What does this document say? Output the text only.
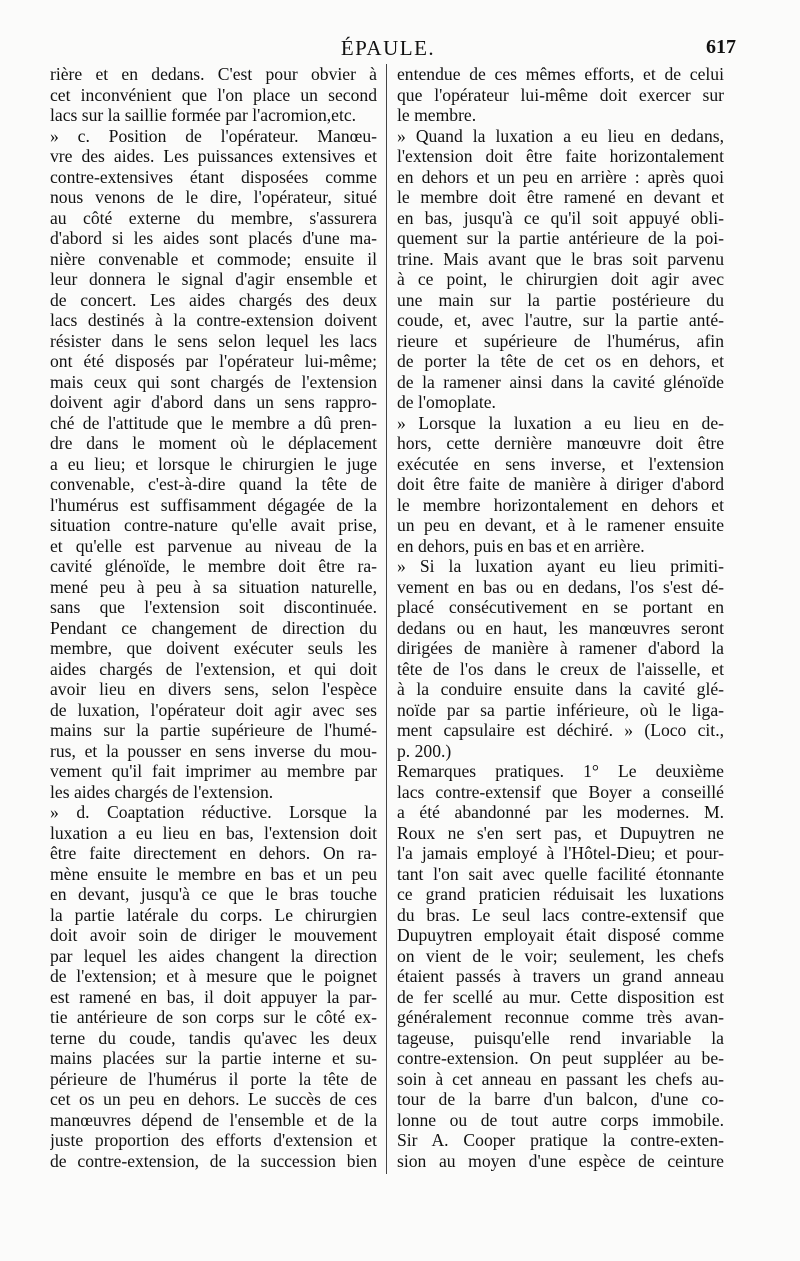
ÉPAULE.	617
rière et en dedans. C'est pour obvier à
cet inconvénient que l'on place un second
lacs sur la saillie formée par l'acromion,etc.
» c. Position de l'opérateur. Manœu-
vre des aides. Les puissances extensives et
contre-extensives étant disposées comme
nous venons de le dire, l'opérateur, situé
au côté externe du membre, s'assurera
d'abord si les aides sont placés d'une ma-
nière convenable et commode; ensuite il
leur donnera le signal d'agir ensemble et
de concert. Les aides chargés des deux
lacs destinés à la contre-extension doivent
résister dans le sens selon lequel les lacs
ont été disposés par l'opérateur lui-même;
mais ceux qui sont chargés de l'extension
doivent agir d'abord dans un sens rappro-
ché de l'attitude que le membre a dû pren-
dre dans le moment où le déplacement
a eu lieu; et lorsque le chirurgien le juge
convenable, c'est-à-dire quand la tête de
l'humérus est suffisamment dégagée de la
situation contre-nature qu'elle avait prise,
et qu'elle est parvenue au niveau de la
cavité glénoïde, le membre doit être ra-
mené peu à peu à sa situation naturelle,
sans que l'extension soit discontinuée.
Pendant ce changement de direction du
membre, que doivent exécuter seuls les
aides chargés de l'extension, et qui doit
avoir lieu en divers sens, selon l'espèce
de luxation, l'opérateur doit agir avec ses
mains sur la partie supérieure de l'humé-
rus, et la pousser en sens inverse du mou-
vement qu'il fait imprimer au membre par
les aides chargés de l'extension.
» d. Coaptation réductive. Lorsque la
luxation a eu lieu en bas, l'extension doit
être faite directement en dehors. On ra-
mène ensuite le membre en bas et un peu
en devant, jusqu'à ce que le bras touche
la partie latérale du corps. Le chirurgien
doit avoir soin de diriger le mouvement
par lequel les aides changent la direction
de l'extension; et à mesure que le poignet
est ramené en bas, il doit appuyer la par-
tie antérieure de son corps sur le côté ex-
terne du coude, tandis qu'avec les deux
mains placées sur la partie interne et su-
périeure de l'humérus il porte la tête de
cet os un peu en dehors. Le succès de ces
manœuvres dépend de l'ensemble et de la
juste proportion des efforts d'extension et
de contre-extension, de la succession bien
entendue de ces mêmes efforts, et de celui
que l'opérateur lui-même doit exercer sur
le membre.
» Quand la luxation a eu lieu en dedans,
l'extension doit être faite horizontalement
en dehors et un peu en arrière : après quoi
le membre doit être ramené en devant et
en bas, jusqu'à ce qu'il soit appuyé obli-
quement sur la partie antérieure de la poi-
trine. Mais avant que le bras soit parvenu
à ce point, le chirurgien doit agir avec
une main sur la partie postérieure du
coude, et, avec l'autre, sur la partie anté-
rieure et supérieure de l'humérus, afin
de porter la tête de cet os en dehors, et
de la ramener ainsi dans la cavité glénoïde
de l'omoplate.
» Lorsque la luxation a eu lieu en de-
hors, cette dernière manœuvre doit être
exécutée en sens inverse, et l'extension
doit être faite de manière à diriger d'abord
le membre horizontalement en dehors et
un peu en devant, et à le ramener ensuite
en dehors, puis en bas et en arrière.
» Si la luxation ayant eu lieu primiti-
vement en bas ou en dedans, l'os s'est dé-
placé consécutivement en se portant en
dedans ou en haut, les manœuvres seront
dirigées de manière à ramener d'abord la
tête de l'os dans le creux de l'aisselle, et
à la conduire ensuite dans la cavité glé-
noïde par sa partie inférieure, où le liga-
ment capsulaire est déchiré. » (Loco cit.,
p. 200.)
Remarques pratiques. 1° Le deuxième
lacs contre-extensif que Boyer a conseillé
a été abandonné par les modernes. M.
Roux ne s'en sert pas, et Dupuytren ne
l'a jamais employé à l'Hôtel-Dieu; et pour-
tant l'on sait avec quelle facilité étonnante
ce grand praticien réduisait les luxations
du bras. Le seul lacs contre-extensif que
Dupuytren employait était disposé comme
on vient de le voir; seulement, les chefs
étaient passés à travers un grand anneau
de fer scellé au mur. Cette disposition est
généralement reconnue comme très avan-
tageuse, puisqu'elle rend invariable la
contre-extension. On peut suppléer au be-
soin à cet anneau en passant les chefs au-
tour de la barre d'un balcon, d'une co-
lonne ou de tout autre corps immobile.
Sir A. Cooper pratique la contre-exten-
sion au moyen d'une espèce de ceinture
